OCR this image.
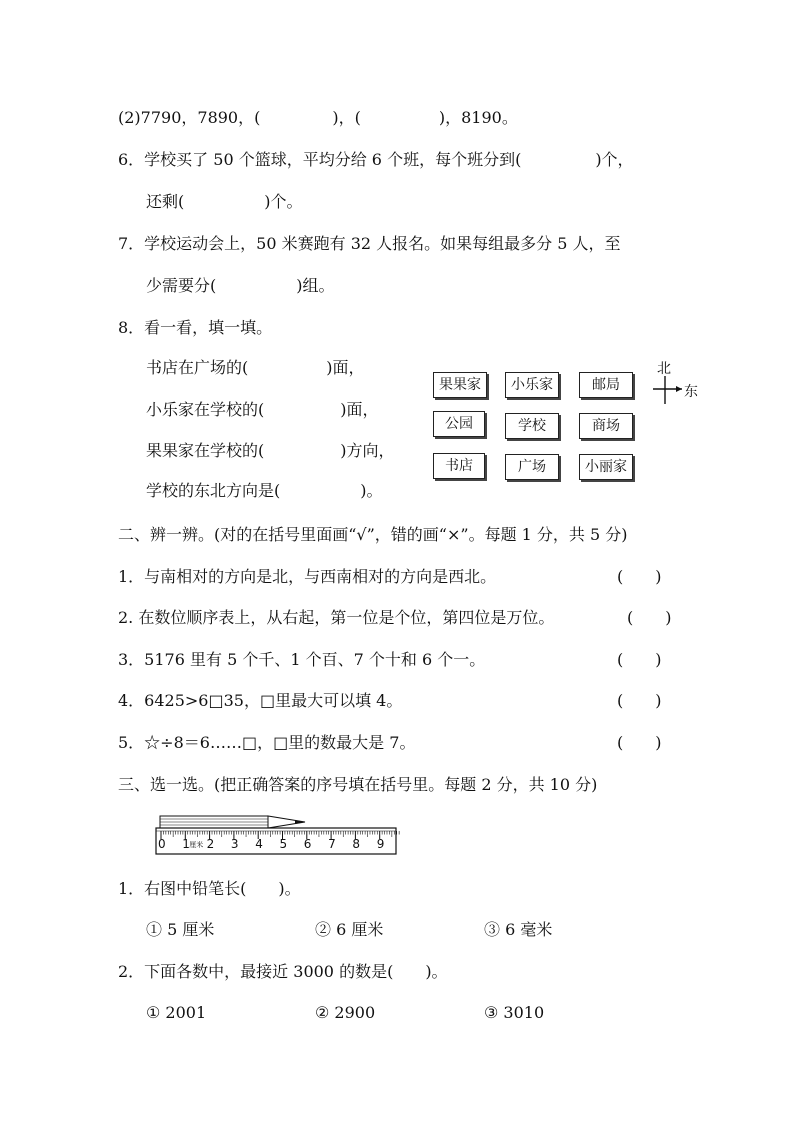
(2)7790，7890，(	)，(	)，8190。
6．学校买了 50 个篮球，平均分给 6 个班，每个班分到(	)个，
还剩(	)个。
7．学校运动会上，50 米赛跑有 32 人报名。如果每组最多分 5 人，至
少需要分(	)组。
8．看一看，填一填。
书店在广场的(	)面，
小乐家在学校的(	)面，
果果家在学校的(	)方向，
学校的东北方向是(	)。
果果家	小乐家	邮局
公园	学校	商场
书店	广场	小丽家
北
东
二、辨一辨。(对的在括号里面画“√”，错的画“×”。每题 1 分，共 5 分)
1．与南相对的方向是北，与西南相对的方向是西北。	(　　)
2. 在数位顺序表上，从右起，第一位是个位，第四位是万位。	(　　)
3．5176 里有 5 个千、1 个百、7 个十和 6 个一。	(　　)
4．6425>6□35，□里最大可以填 4。	(　　)
5．☆÷8＝6……□，□里的数最大是 7。	(　　)
三、选一选。(把正确答案的序号填在括号里。每题 2 分，共 10 分)
0 1 2 3 4 5 6 7 8 9
厘米
1．右图中铅笔长(　　)。
① 5 厘米	② 6 厘米	③ 6 毫米
2．下面各数中，最接近 3000 的数是(　　)。
① 2001	② 2900	③ 3010
